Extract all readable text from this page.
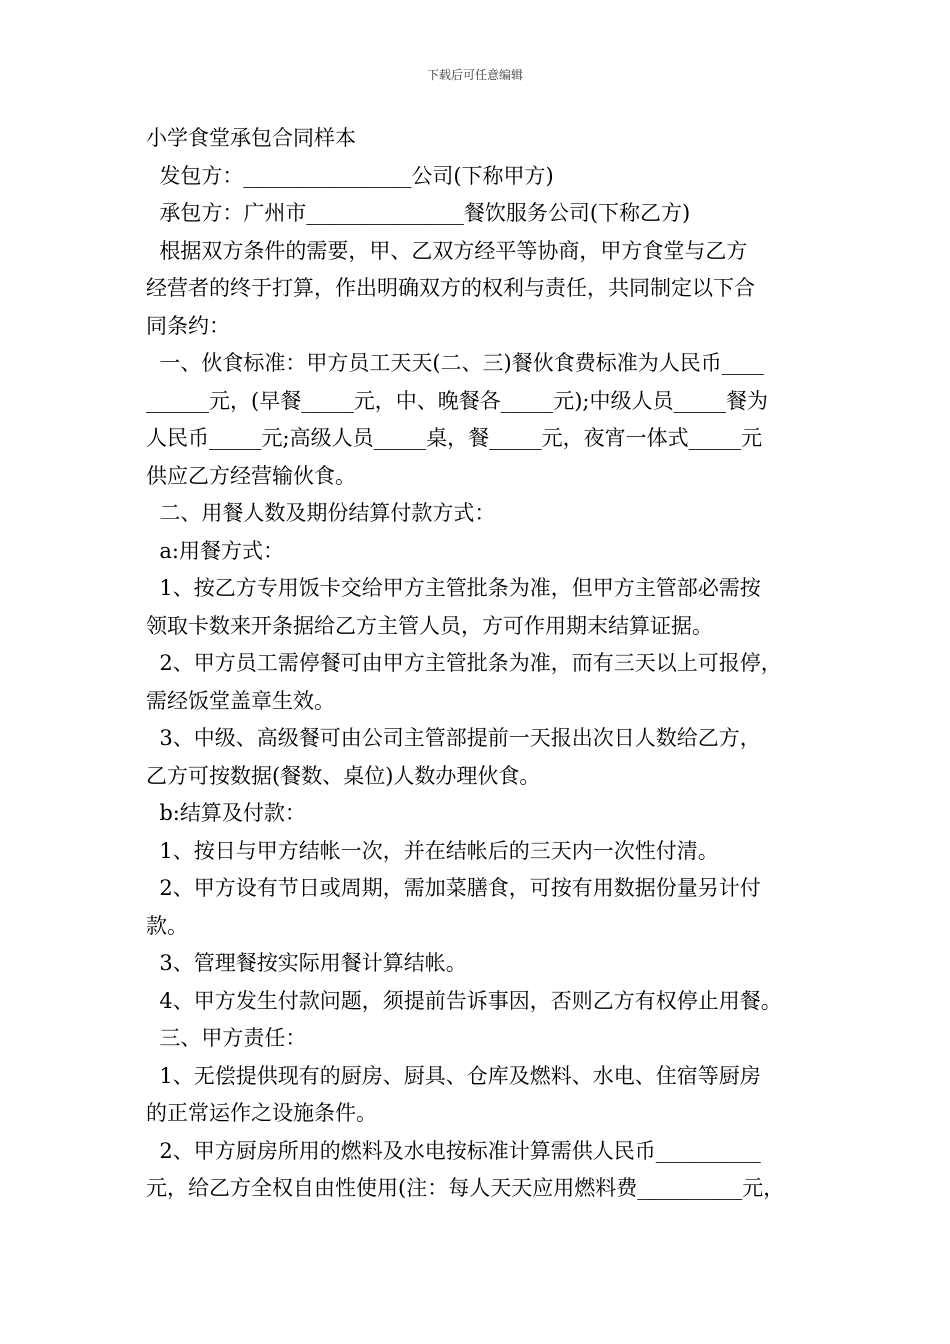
下载后可任意编辑

小学食堂承包合同样本

发包方：________________公司(下称甲方)

承包方：广州市_______________餐饮服务公司(下称乙方)

根据双方条件的需要，甲、乙双方经平等协商，甲方食堂与乙方

经营者的终于打算，作出明确双方的权利与责任，共同制定以下合

同条约：

一、伙食标准：甲方员工天天(二、三)餐伙食费标准为人民币____

______元，(早餐_____元，中、晚餐各_____元);中级人员_____餐为

人民币_____元;高级人员_____桌，餐_____元，夜宵一体式_____元

供应乙方经营输伙食。

二、用餐人数及期份结算付款方式：

a:用餐方式：

1、按乙方专用饭卡交给甲方主管批条为准，但甲方主管部必需按

领取卡数来开条据给乙方主管人员，方可作用期末结算证据。

2、甲方员工需停餐可由甲方主管批条为准，而有三天以上可报停，

需经饭堂盖章生效。

3、中级、高级餐可由公司主管部提前一天报出次日人数给乙方，

乙方可按数据(餐数、桌位)人数办理伙食。

b:结算及付款：

1、按日与甲方结帐一次，并在结帐后的三天内一次性付清。

2、甲方设有节日或周期，需加菜膳食，可按有用数据份量另计付

款。

3、管理餐按实际用餐计算结帐。

4、甲方发生付款问题，须提前告诉事因，否则乙方有权停止用餐。

三、甲方责任：

1、无偿提供现有的厨房、厨具、仓库及燃料、水电、住宿等厨房

的正常运作之设施条件。

2、甲方厨房所用的燃料及水电按标准计算需供人民币__________

元，给乙方全权自由性使用(注：每人天天应用燃料费__________元，
